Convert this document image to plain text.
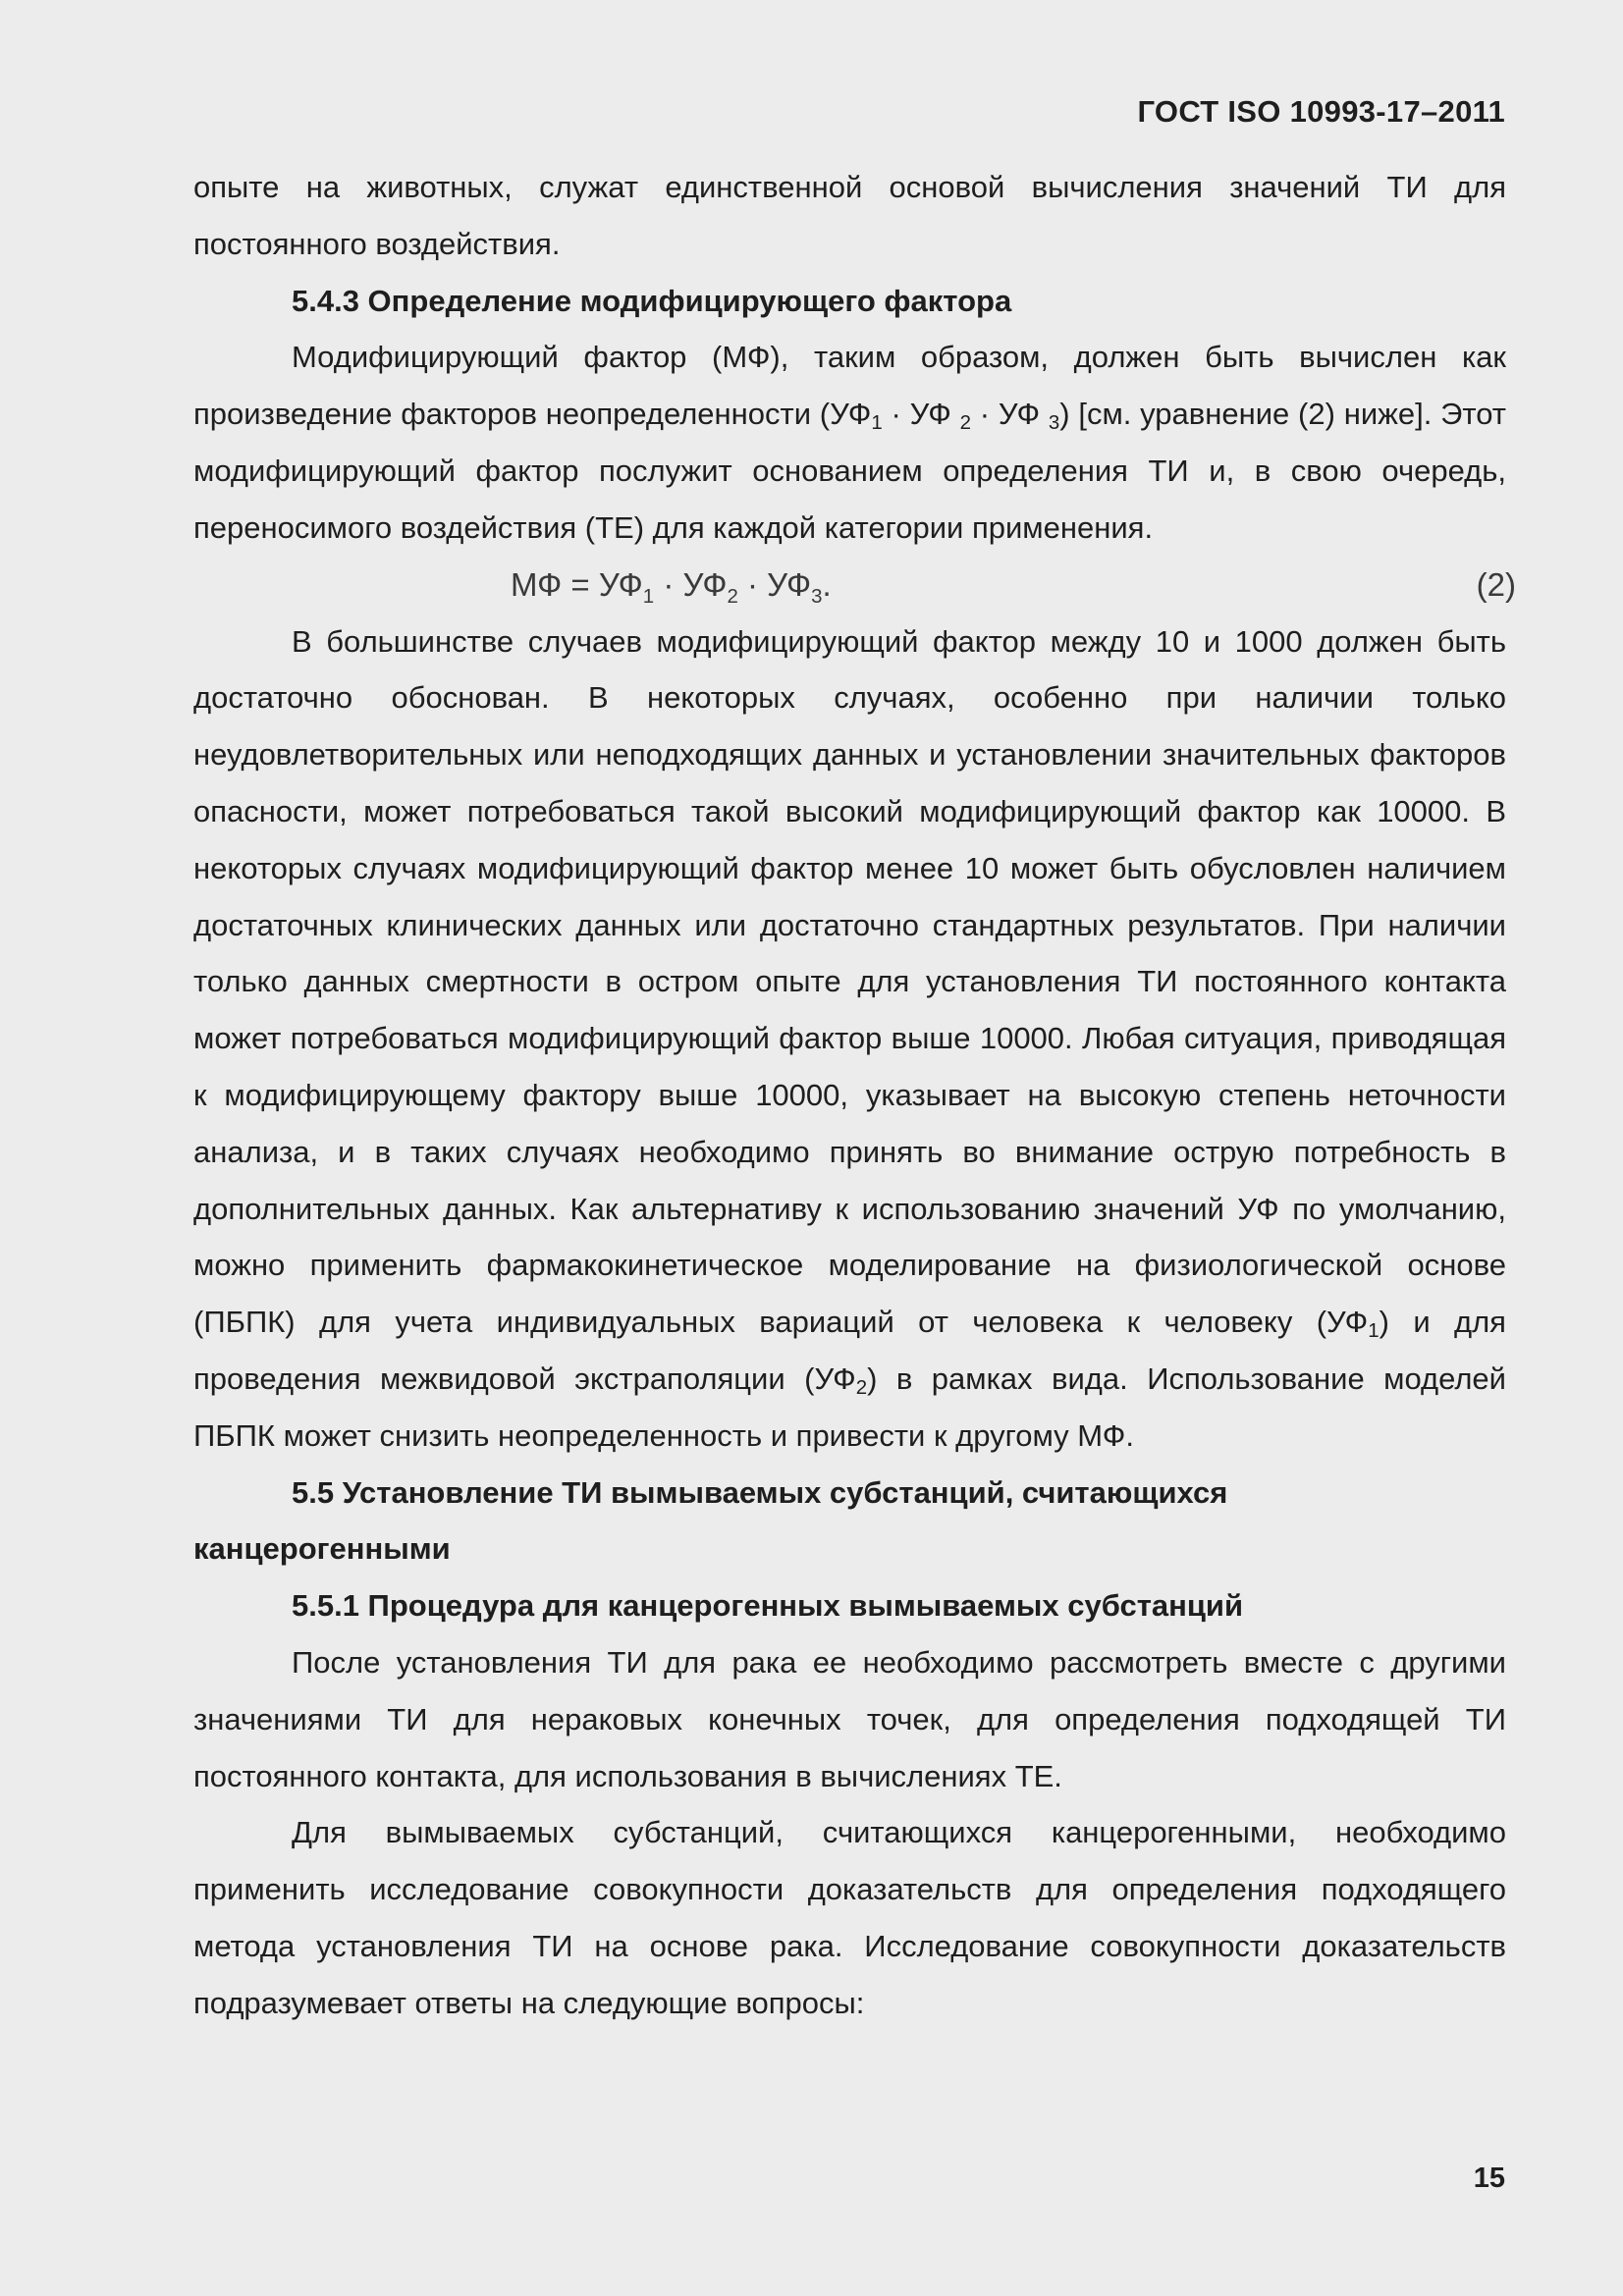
ГОСТ ISO 10993-17–2011

опыте на животных, служат единственной основой вычисления значений ТИ для постоянного воздействия.

5.4.3 Определение модифицирующего фактора

Модифицирующий фактор (МФ), таким образом, должен быть вычислен как произведение факторов неопределенности ($УФ_1$ · УФ $_2$ · УФ $_3$) [см. уравнение (2) ниже]. Этот модифицирующий фактор послужит основанием определения ТИ и, в свою очередь, переносимого воздействия (ТЕ) для каждой категории применения.

МФ = $УФ_1 \cdot УФ_2 \cdot УФ_3$.	(2)

В большинстве случаев модифицирующий фактор между 10 и 1000 должен быть достаточно обоснован. В некоторых случаях, особенно при наличии только неудовлетворительных или неподходящих данных и установлении значительных факторов опасности, может потребоваться такой высокий модифицирующий фактор как 10000. В некоторых случаях модифицирующий фактор менее 10 может быть обусловлен наличием достаточных клинических данных или достаточно стандартных результатов. При наличии только данных смертности в остром опыте для установления ТИ постоянного контакта может потребоваться модифицирующий фактор выше 10000. Любая ситуация, приводящая к модифицирующему фактору выше 10000, указывает на высокую степень неточности анализа, и в таких случаях необходимо принять во внимание острую потребность в дополнительных данных. Как альтернативу к использованию значений УФ по умолчанию, можно применить фармакокинетическое моделирование на физиологической основе (ПБПК) для учета индивидуальных вариаций от человека к человеку $(УФ_1)$ и для проведения межвидовой экстраполяции $(УФ_2)$ в рамках вида. Использование моделей ПБПК может снизить неопределенность и привести к другому МФ.

5.5 Установление ТИ вымываемых субстанций, считающихся канцерогенными

5.5.1 Процедура для канцерогенных вымываемых субстанций

После установления ТИ для рака ее необходимо рассмотреть вместе с другими значениями ТИ для нераковых конечных точек, для определения подходящей ТИ постоянного контакта, для использования в вычислениях ТЕ.

Для вымываемых субстанций, считающихся канцерогенными, необходимо применить исследование совокупности доказательств для определения подходящего метода установления ТИ на основе рака. Исследование совокупности доказательств подразумевает ответы на следующие вопросы:

15
